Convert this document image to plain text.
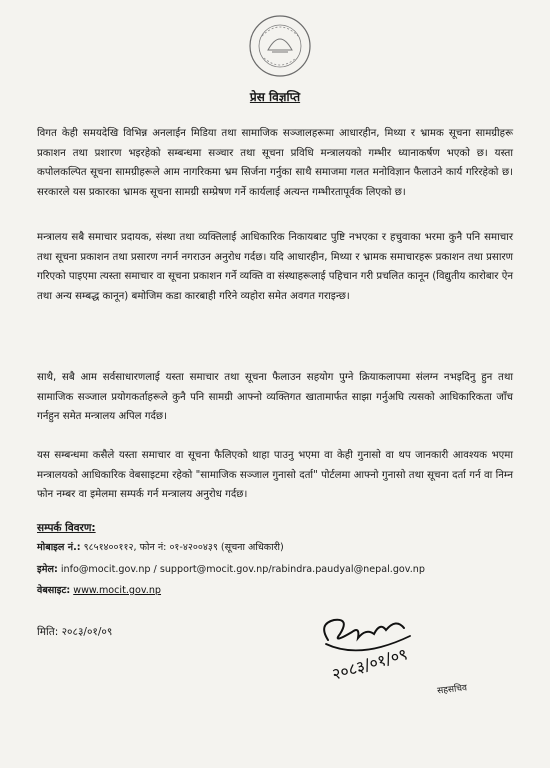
प्रेस विज्ञप्ति
विगत केही समयदेखि विभिन्न अनलाईन मिडिया तथा सामाजिक सञ्जालहरूमा आधारहीन, मिथ्या र भ्रामक सूचना सामग्रीहरू प्रकाशन तथा प्रशारण भइरहेको सम्बन्धमा सञ्चार तथा सूचना प्रविधि मन्त्रालयको गम्भीर ध्यानाकर्षण भएको छ। यस्ता कपोलकल्पित सूचना सामग्रीहरूले आम नागरिकमा भ्रम सिर्जना गर्नुका साथै समाजमा गलत मनोविज्ञान फैलाउने कार्य गरिरहेको छ। सरकारले यस प्रकारका भ्रामक सूचना सामग्री सम्प्रेषण गर्ने कार्यलाई अत्यन्त गम्भीरतापूर्वक लिएको छ।
मन्त्रालय सबै समाचार प्रदायक, संस्था तथा व्यक्तिलाई आधिकारिक निकायबाट पुष्टि नभएका र हचुवाका भरमा कुनै पनि समाचार तथा सूचना प्रकाशन तथा प्रसारण नगर्न नगराउन अनुरोध गर्दछ। यदि आधारहीन, मिथ्या र भ्रामक समाचारहरू प्रकाशन तथा प्रसारण गरिएको पाइएमा त्यस्ता समाचार वा सूचना प्रकाशन गर्ने व्यक्ति वा संस्थाहरूलाई पहिचान गरी प्रचलित कानून (विद्युतीय कारोबार ऐन तथा अन्य सम्बद्ध कानून) बमोजिम कडा कारबाही गरिने व्यहोरा समेत अवगत गराइन्छ।
साथै, सबै आम सर्वसाधारणलाई यस्ता समाचार तथा सूचना फैलाउन सहयोग पुग्ने क्रियाकलापमा संलग्न नभइदिनु हुन तथा सामाजिक सञ्जाल प्रयोगकर्ताहरूले कुनै पनि सामग्री आफ्नो व्यक्तिगत खातामार्फत साझा गर्नुअघि त्यसको आधिकारिकता जाँच गर्नहुन समेत मन्त्रालय अपिल गर्दछ।
यस सम्बन्धमा कसैले यस्ता समाचार वा सूचना फैलिएको थाहा पाउनु भएमा वा केही गुनासो वा थप जानकारी आवश्यक भएमा मन्त्रालयको आधिकारिक वेबसाइटमा रहेको "सामाजिक सञ्जाल गुनासो दर्ता" पोर्टलमा आफ्नो गुनासो तथा सूचना दर्ता गर्न वा निम्न फोन नम्बर वा इमेलमा सम्पर्क गर्न मन्त्रालय अनुरोध गर्दछ।
सम्पर्क विवरण:
मोबाइल नं.: ९८५१४००११२, फोन नं: ०१-४२००४३९ (सूचना अधिकारी)
इमेल: info@mocit.gov.np / support@mocit.gov.np/rabindra.paudyal@nepal.gov.np
वेबसाइट: www.mocit.gov.np
मिति: २०८३/०१/०९
२०८३/०१/०९
सहसचिव
